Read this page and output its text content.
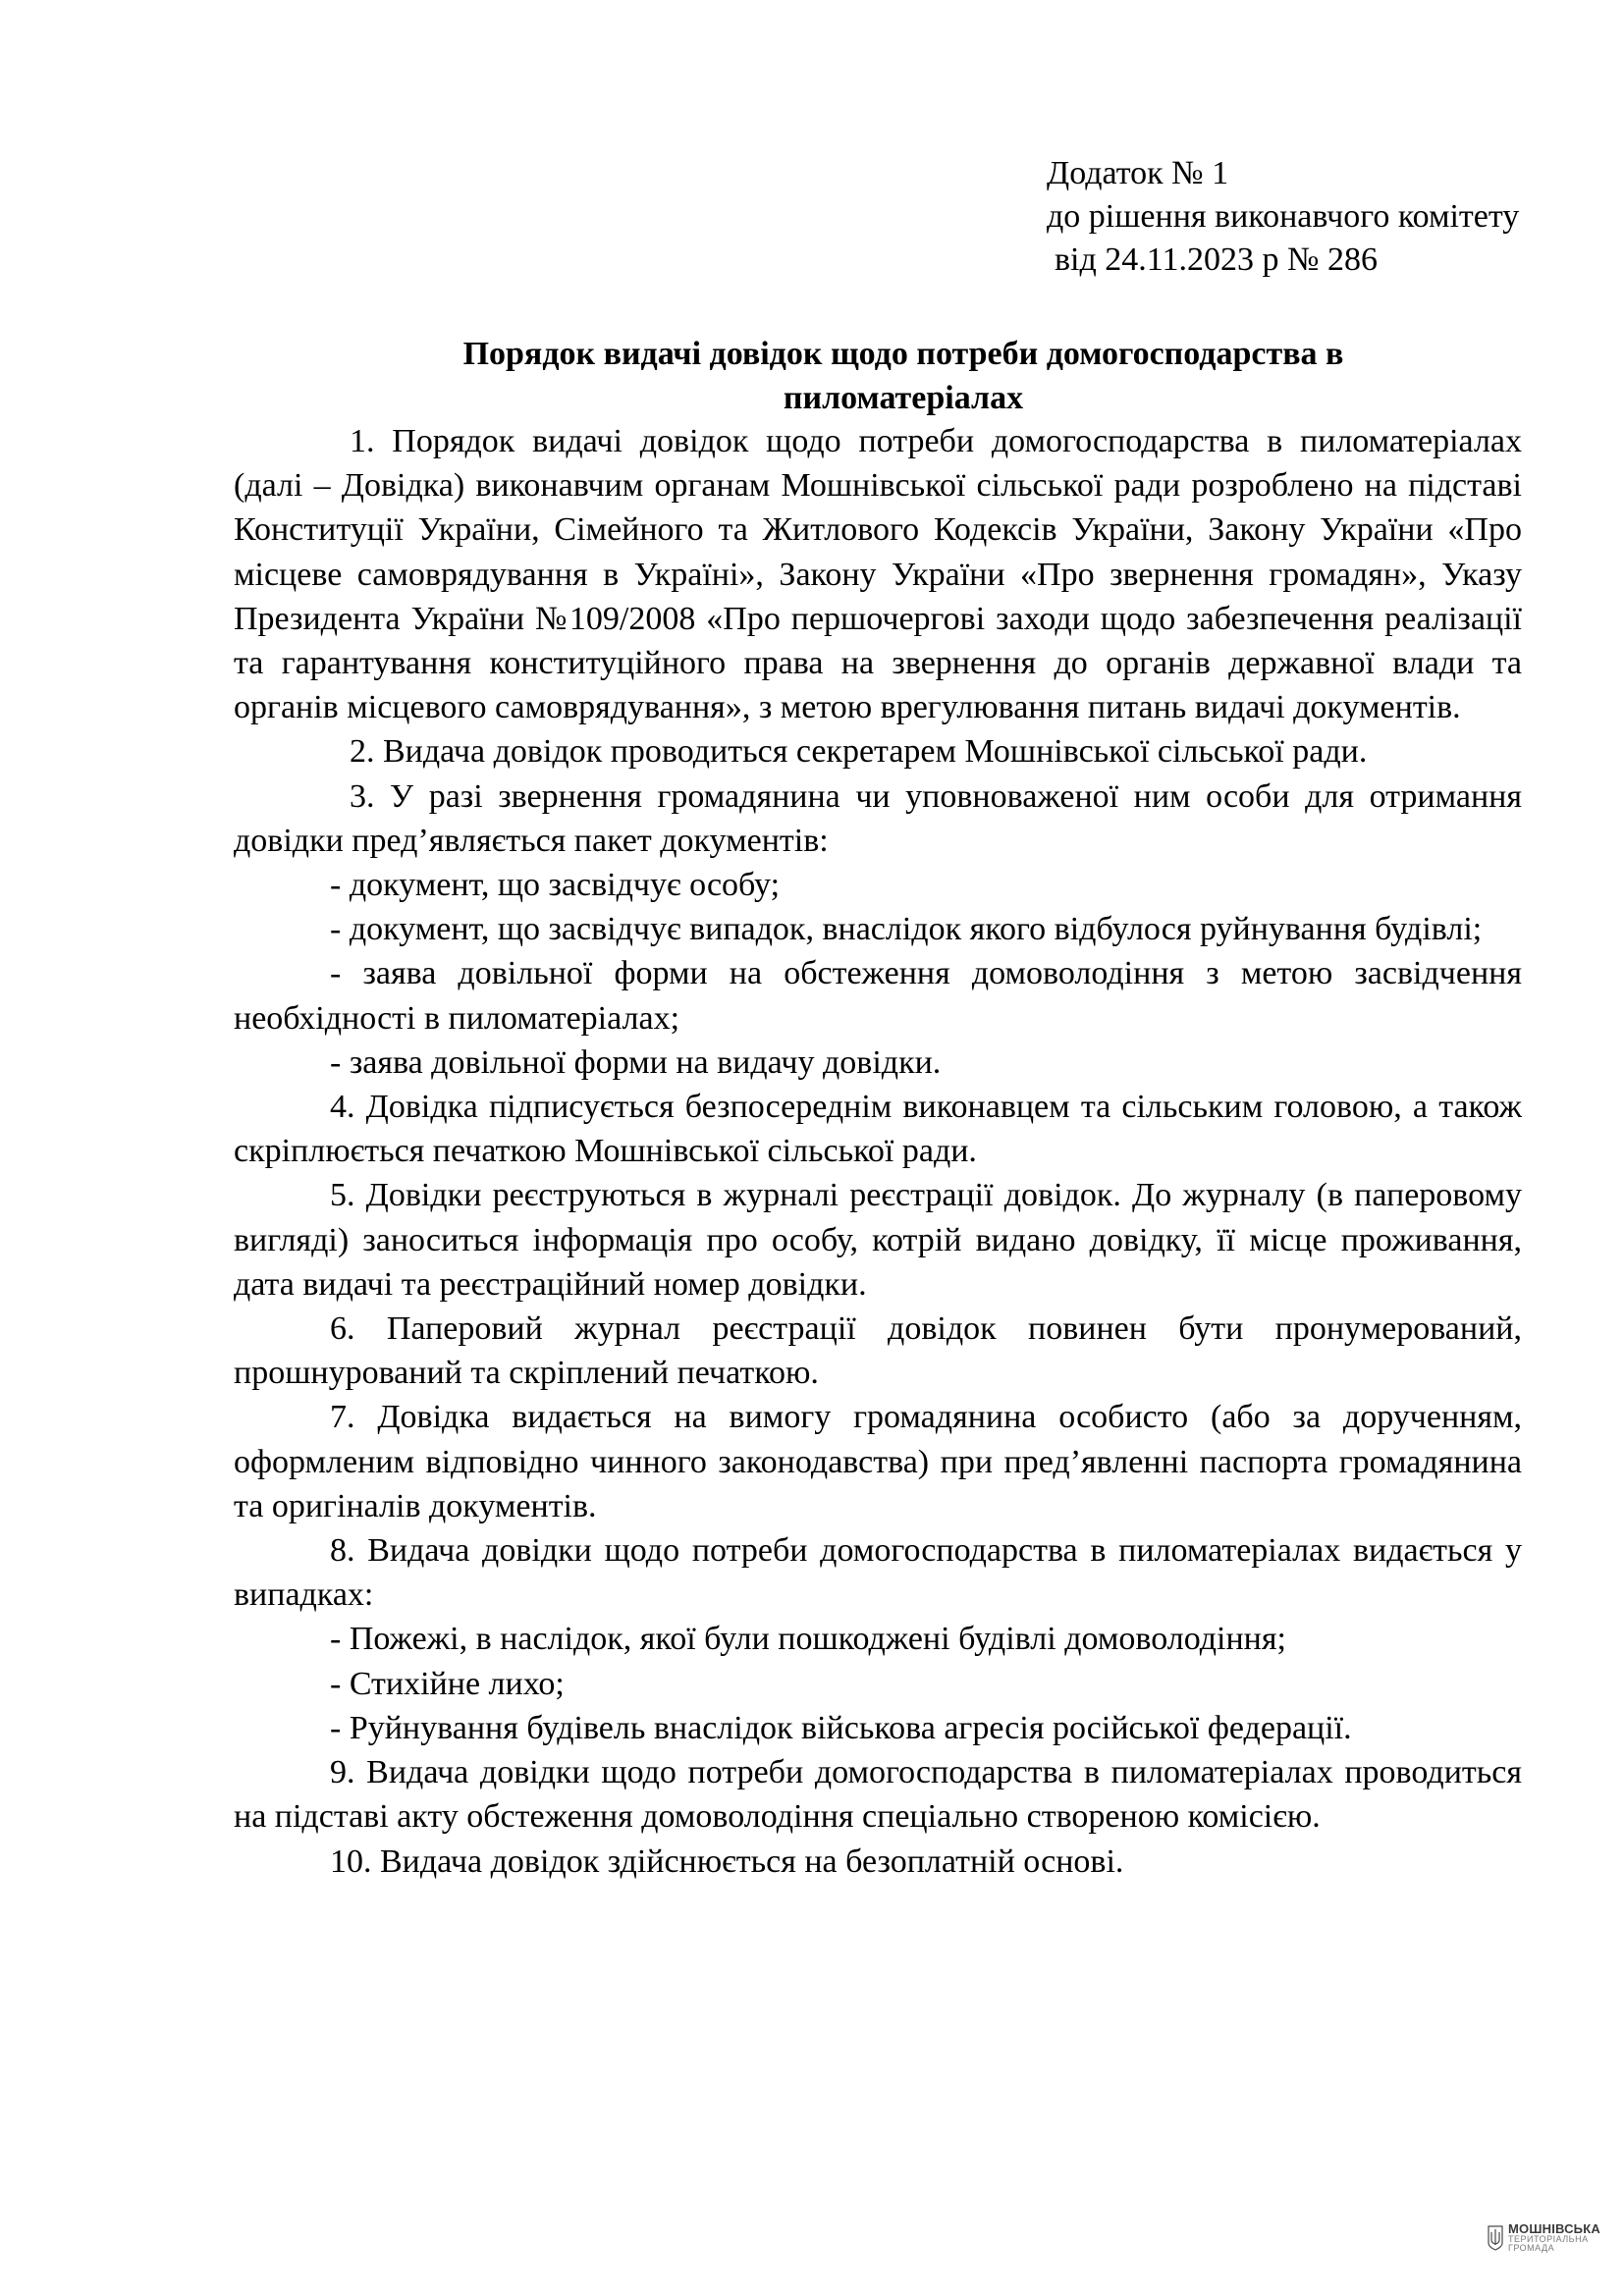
Додаток № 1
до рішення виконавчого комітету
від 24.11.2023 р № 286
Порядок видачі довідок щодо потреби домогосподарства в
пиломатеріалах

1. Порядок видачі довідок щодо потреби домогосподарства в пиломатеріалах (далі – Довідка) виконавчим органам Мошнівської сільської ради розроблено на підставі Конституції України, Сімейного та Житлового Кодексів України, Закону України «Про місцеве самоврядування в Україні», Закону України «Про звернення громадян», Указу Президента України №109/2008 «Про першочергові заходи щодо забезпечення реалізації та гарантування конституційного права на звернення до органів державної влади та органів місцевого самоврядування», з метою врегулювання питань видачі документів.

2. Видача довідок проводиться секретарем Мошнівської сільської ради.

3. У разі звернення громадянина чи уповноваженої ним особи для отримання довідки пред’являється пакет документів:

- документ, що засвідчує особу;

- документ, що засвідчує випадок, внаслідок якого відбулося руйнування будівлі;

- заява довільної форми на обстеження домоволодіння з метою засвідчення необхідності в пиломатеріалах;

- заява довільної форми на видачу довідки.

4. Довідка підписується безпосереднім виконавцем та сільським головою, а також скріплюється печаткою Мошнівської сільської ради.

5. Довідки реєструються в журналі реєстрації довідок. До журналу (в паперовому вигляді) заноситься інформація про особу, котрій видано довідку, її місце проживання, дата видачі та реєстраційний номер довідки.

6. Паперовий журнал реєстрації довідок повинен бути пронумерований, прошнурований та скріплений печаткою.

7. Довідка видається на вимогу громадянина особисто (або за дорученням, оформленим відповідно чинного законодавства) при пред’явленні паспорта громадянина та оригіналів документів.

8. Видача довідки щодо потреби домогосподарства в пиломатеріалах видається у випадках:

- Пожежі, в наслідок, якої були пошкоджені будівлі домоволодіння;

- Стихійне лихо;

- Руйнування будівель внаслідок військова агресія російської федерації.

9. Видача довідки щодо потреби домогосподарства в пиломатеріалах проводиться на підставі акту обстеження домоволодіння спеціально створеною комісією.

10. Видача довідок здійснюється на безоплатній основі.

МОШНІВСЬКА
ТЕРИТОРІАЛЬНА
ГРОМАДА
